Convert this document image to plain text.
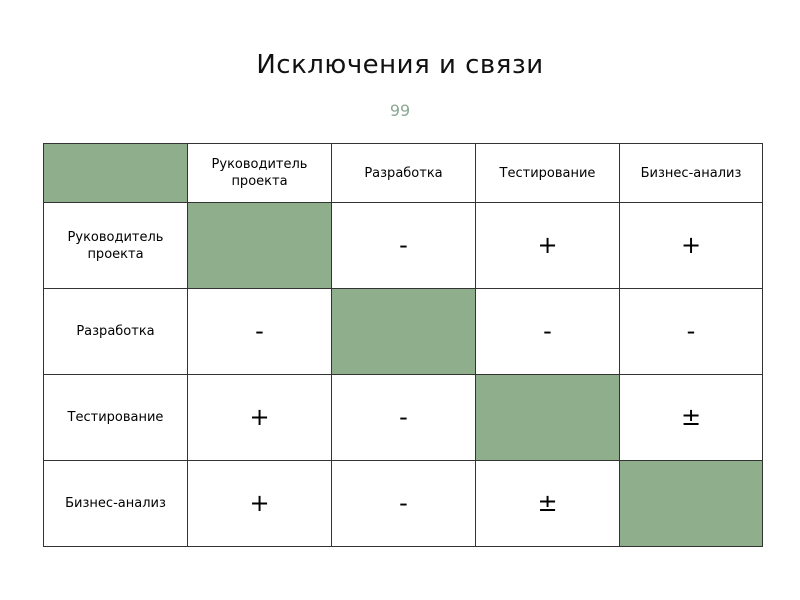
Исключения и связи
99
	Руководитель проекта	Разработка	Тестирование	Бизнес-анализ
Руководитель проекта		-	+	+
Разработка	-		-	-
Тестирование	+	-		±
Бизнес-анализ	+	-	±	
